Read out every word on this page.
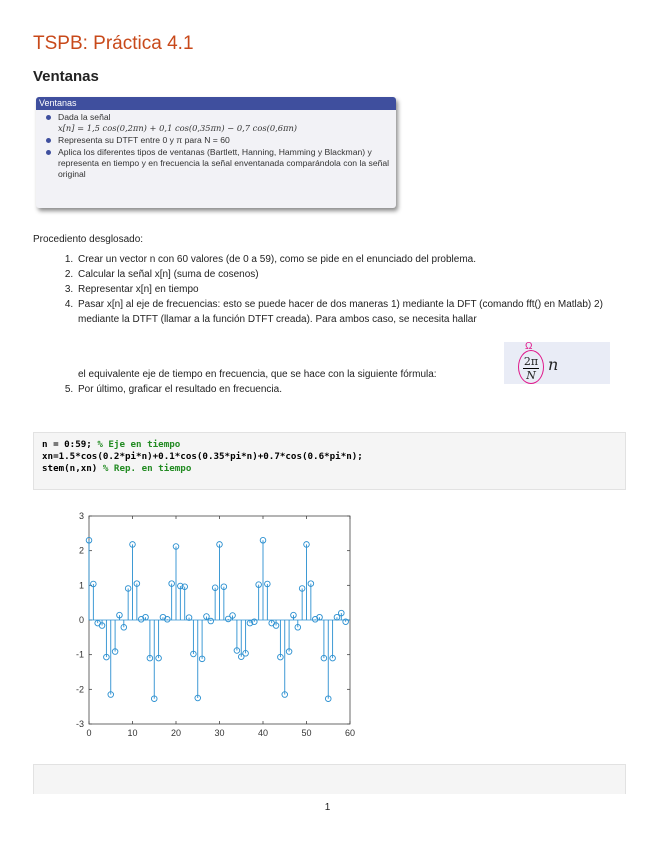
TSPB: Práctica 4.1
Ventanas
Ventanas
Dada la señal
x[n] = 1,5 cos(0,2πn) + 0,1 cos(0,35πn) − 0,7 cos(0,6πn)
Representa su DTFT entre 0 y π para N = 60
Aplica los diferentes tipos de ventanas (Bartlett, Hanning, Hamming y Blackman) y representa en tiempo y en frecuencia la señal enventanada comparándola con la señal original
Procediento desglosado:
1. Crear un vector n con 60 valores (de 0 a 59), como se pide en el enunciado del problema.
2. Calcular la señal x[n] (suma de cosenos)
3. Representar x[n] en tiempo
4. Pasar x[n] al eje de frecuencias: esto se puede hacer de dos maneras 1) mediante la DFT (comando fft() en Matlab) 2) mediante la DTFT (llamar a la función DTFT creada). Para ambos caso, se necesita hallar
el equivalente eje de tiempo en frecuencia, que se hace con la siguiente fórmula:
5. Por último, graficar el resultado en frecuencia.
Ω
2π
N
n
n = 0:59; % Eje en tiempo
xn=1.5*cos(0.2*pi*n)+0.1*cos(0.35*pi*n)+0.7*cos(0.6*pi*n);
stem(n,xn) % Rep. en tiempo
0	10	20	30	40	50	60
-3
-2
-1
0
1
2
3
1
